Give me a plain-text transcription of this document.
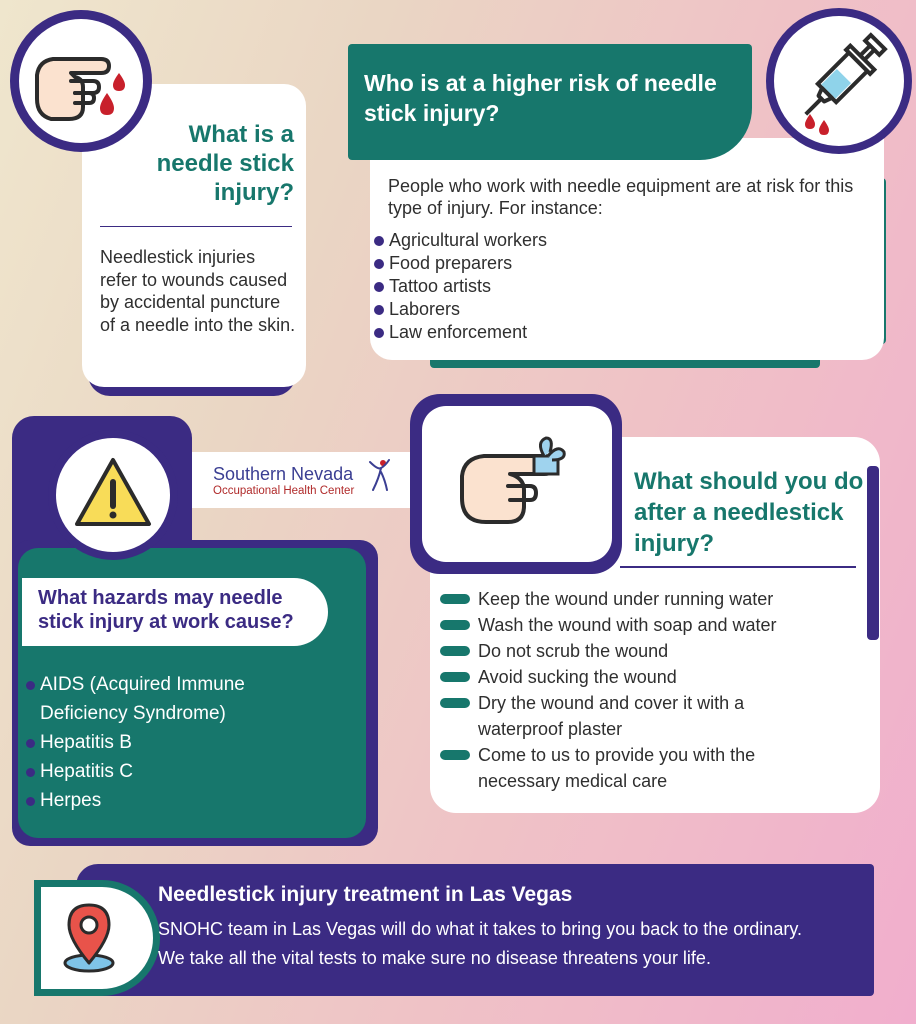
What is a needle stick injury?
Needlestick injuries refer to wounds caused by accidental puncture of a needle into the skin.
Who is at a higher risk of needle stick injury?
People who work with needle equipment are at risk for this type of injury. For instance:
Agricultural workers
Food preparers
Tattoo artists
Laborers
Law enforcement
Southern Nevada
Occupational Health Center
What hazards may needle stick injury at work cause?
AIDS (Acquired Immune
Deficiency Syndrome)
Hepatitis B
Hepatitis C
Herpes
What should you do after a needlestick injury?
Keep the wound under running water
Wash the wound with soap and water
Do not scrub the wound
Avoid sucking the wound
Dry the wound and cover it with a
waterproof plaster
Come to us to provide you with the
necessary medical care
Needlestick injury treatment in Las Vegas
SNOHC team in Las Vegas will do what it takes to bring you back to the ordinary.
We take all the vital tests to make sure no disease threatens your life.
